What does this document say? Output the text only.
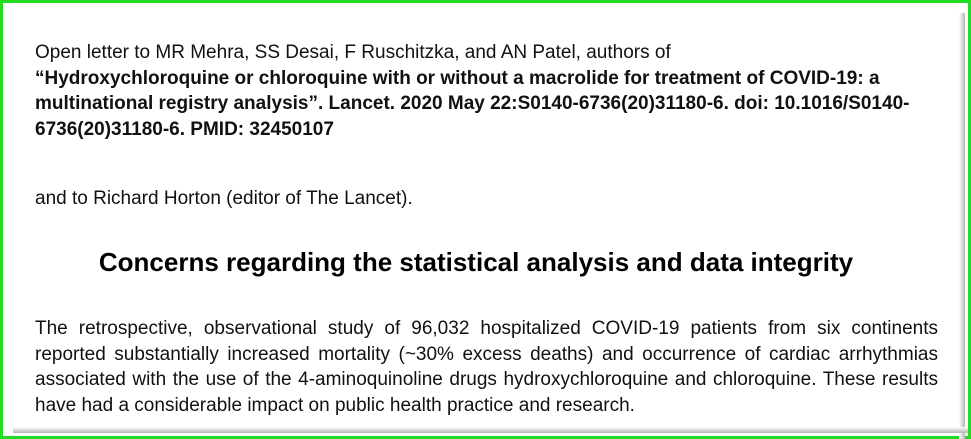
Open letter to MR Mehra, SS Desai, F Ruschitzka, and AN Patel, authors of

“Hydroxychloroquine or chloroquine with or without a macrolide for treatment of COVID-19: a multinational registry analysis”. Lancet. 2020 May 22:S0140-6736(20)31180-6. doi: 10.1016/S0140-6736(20)31180-6. PMID: 32450107

and to Richard Horton (editor of The Lancet).

Concerns regarding the statistical analysis and data integrity

The retrospective, observational study of 96,032 hospitalized COVID-19 patients from six continents reported substantially increased mortality (~30% excess deaths) and occurrence of cardiac arrhythmias associated with the use of the 4-aminoquinoline drugs hydroxychloroquine and chloroquine. These results have had a considerable impact on public health practice and research.
